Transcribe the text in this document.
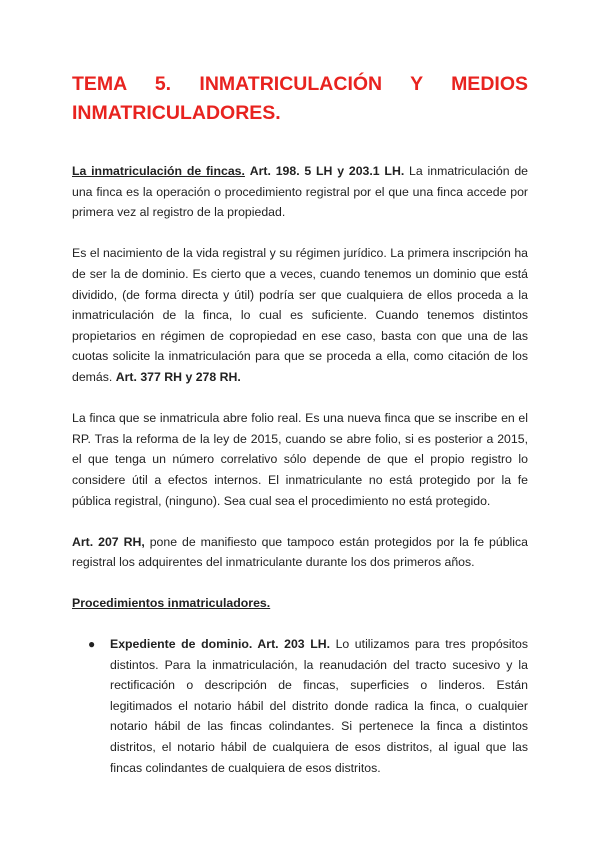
TEMA 5. INMATRICULACIÓN Y MEDIOS
INMATRICULADORES.

La inmatriculación de fincas. Art. 198. 5 LH y 203.1 LH. La inmatriculación de una finca es la operación o procedimiento registral por el que una finca accede por primera vez al registro de la propiedad.

Es el nacimiento de la vida registral y su régimen jurídico. La primera inscripción ha de ser la de dominio. Es cierto que a veces, cuando tenemos un dominio que está dividido, (de forma directa y útil) podría ser que cualquiera de ellos proceda a la inmatriculación de la finca, lo cual es suficiente. Cuando tenemos distintos propietarios en régimen de copropiedad en ese caso, basta con que una de las cuotas solicite la inmatriculación para que se proceda a ella, como citación de los demás. Art. 377 RH y 278 RH.

La finca que se inmatricula abre folio real. Es una nueva finca que se inscribe en el RP. Tras la reforma de la ley de 2015, cuando se abre folio, si es posterior a 2015, el que tenga un número correlativo sólo depende de que el propio registro lo considere útil a efectos internos. El inmatriculante no está protegido por la fe pública registral, (ninguno). Sea cual sea el procedimiento no está protegido.

Art. 207 RH, pone de manifiesto que tampoco están protegidos por la fe pública registral los adquirentes del inmatriculante durante los dos primeros años.

Procedimientos inmatriculadores.
● Expediente de dominio. Art. 203 LH. Lo utilizamos para tres propósitos distintos. Para la inmatriculación, la reanudación del tracto sucesivo y la rectificación o descripción de fincas, superficies o linderos. Están legitimados el notario hábil del distrito donde radica la finca, o cualquier notario hábil de las fincas colindantes. Si pertenece la finca a distintos distritos, el notario hábil de cualquiera de esos distritos, al igual que las fincas colindantes de cualquiera de esos distritos.
